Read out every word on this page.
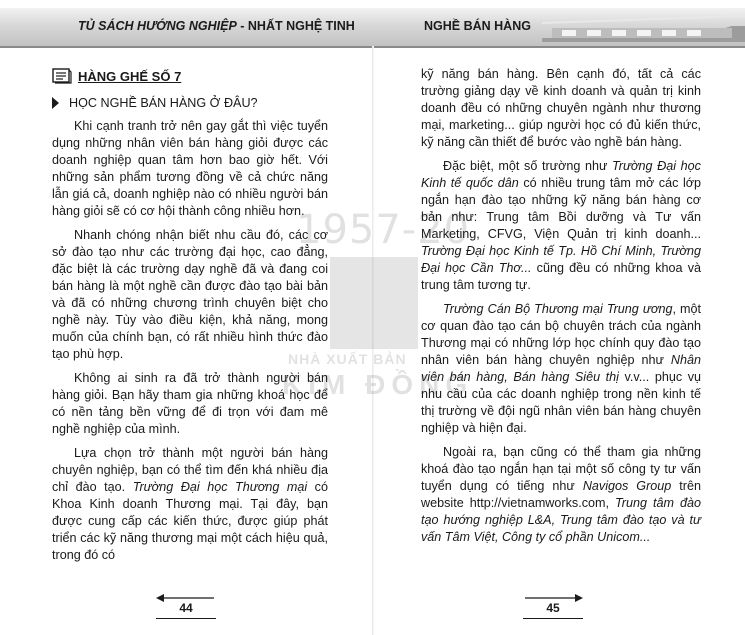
TỦ SÁCH HƯỚNG NGHIỆP - NHẤT NGHỆ TINH	NGHỀ BÁN HÀNG
1957-20
NHÀ XUẤT BẢN
KIM ĐỒNG
HÀNG GHẾ SỐ 7
HỌC NGHỀ BÁN HÀNG Ở ĐÂU?

Khi cạnh tranh trở nên gay gắt thì việc tuyển dụng những nhân viên bán hàng giỏi được các doanh nghiệp quan tâm hơn bao giờ hết. Với những sản phẩm tương đồng về cả chức năng lẫn giá cả, doanh nghiệp nào có nhiều người bán hàng giỏi sẽ có cơ hội thành công nhiều hơn.

Nhanh chóng nhận biết nhu cầu đó, các cơ sở đào tạo như các trường đại học, cao đẳng, đặc biệt là các trường dạy nghề đã và đang coi bán hàng là một nghề cần được đào tạo bài bản và đã có những chương trình chuyên biệt cho nghề này. Tùy vào điều kiện, khả năng, mong muốn của chính bạn, có rất nhiều hình thức đào tạo phù hợp.

Không ai sinh ra đã trở thành người bán hàng giỏi. Bạn hãy tham gia những khoá học để có nền tảng bền vững để đi trọn với đam mê nghề nghiệp của mình.

Lựa chọn trở thành một người bán hàng chuyên nghiệp, bạn có thể tìm đến khá nhiều địa chỉ đào tạo. Trường Đại học Thương mại có Khoa Kinh doanh Thương mại. Tại đây, bạn được cung cấp các kiến thức, được giúp phát triển các kỹ năng thương mại một cách hiệu quả, trong đó có

kỹ năng bán hàng. Bên cạnh đó, tất cả các trường giảng dạy về kinh doanh và quản trị kinh doanh đều có những chuyên ngành như thương mại, marketing... giúp người học có đủ kiến thức, kỹ năng cần thiết để bước vào nghề bán hàng.

Đặc biệt, một số trường như Trường Đại học Kinh tế quốc dân có nhiều trung tâm mở các lớp ngắn hạn đào tạo những kỹ năng bán hàng cơ bản như: Trung tâm Bồi dưỡng và Tư vấn Marketing, CFVG, Viện Quản trị kinh doanh... Trường Đại học Kinh tế Tp. Hồ Chí Minh, Trường Đại học Cần Thơ... cũng đều có những khoa và trung tâm tương tự.

Trường Cán Bộ Thương mại Trung ương, một cơ quan đào tạo cán bộ chuyên trách của ngành Thương mại có những lớp học chính quy đào tạo nhân viên bán hàng chuyên nghiệp như Nhân viên bán hàng, Bán hàng Siêu thị v.v... phục vụ nhu cầu của các doanh nghiệp trong nền kinh tế thị trường về đội ngũ nhân viên bán hàng chuyên nghiệp và hiện đại.

Ngoài ra, bạn cũng có thể tham gia những khoá đào tạo ngắn hạn tại một số công ty tư vấn tuyển dụng có tiếng như Navigos Group trên website http://vietnamworks.com, Trung tâm đào tạo hướng nghiệp L&A, Trung tâm đào tạo và tư vấn Tâm Việt, Công ty cổ phần Unicom...

44	45
